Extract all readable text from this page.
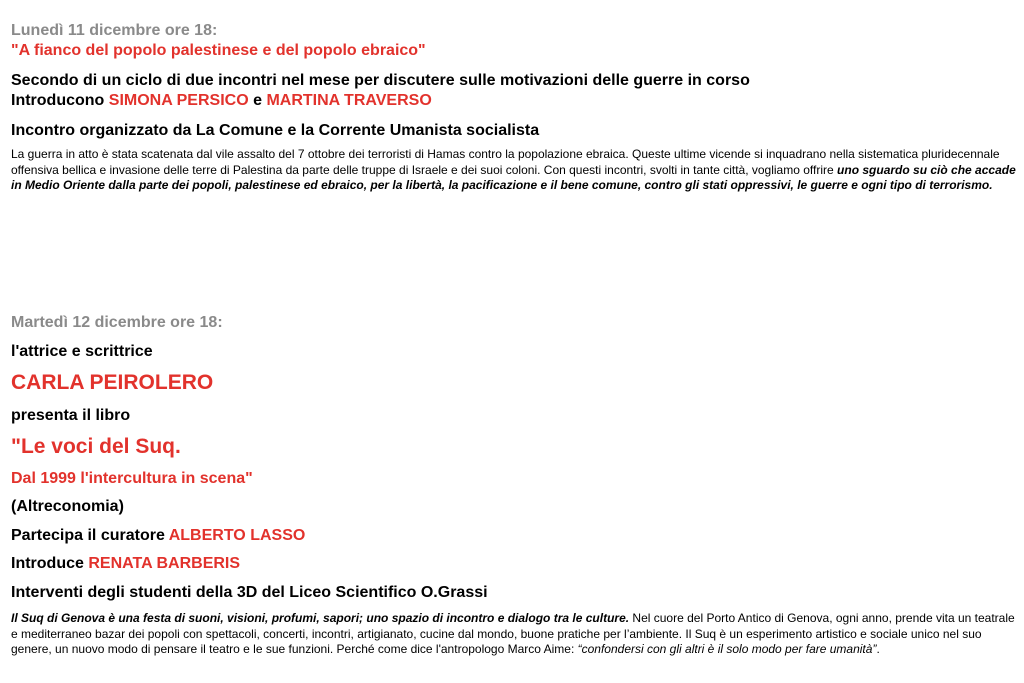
Lunedì 11 dicembre ore 18:
"A fianco del popolo palestinese e del popolo ebraico"
Secondo di un ciclo di due incontri nel mese per discutere sulle motivazioni delle guerre in corso
Introducono SIMONA PERSICO e MARTINA TRAVERSO
Incontro organizzato da La Comune e la Corrente Umanista socialista
La guerra in atto è stata scatenata dal vile assalto del 7 ottobre dei terroristi di Hamas contro la popolazione ebraica. Queste ultime vicende si inquadrano nella sistematica pluridecennale offensiva bellica e invasione delle terre di Palestina da parte delle truppe di Israele e dei suoi coloni. Con questi incontri, svolti in tante città, vogliamo offrire uno sguardo su ciò che accade in Medio Oriente dalla parte dei popoli, palestinese ed ebraico, per la libertà, la pacificazione e il bene comune, contro gli stati oppressivi, le guerre e ogni tipo di terrorismo.
Martedì 12 dicembre ore 18:
l'attrice e scrittrice
CARLA PEIROLERO
presenta il libro
"Le voci del Suq.
Dal 1999 l'intercultura in scena"
(Altreconomia)
Partecipa il curatore ALBERTO LASSO
Introduce RENATA BARBERIS
Interventi degli studenti della 3D del Liceo Scientifico O.Grassi
Il Suq di Genova è una festa di suoni, visioni, profumi, sapori; uno spazio di incontro e dialogo tra le culture. Nel cuore del Porto Antico di Genova, ogni anno, prende vita un teatrale e mediterraneo bazar dei popoli con spettacoli, concerti, incontri, artigianato, cucine dal mondo, buone pratiche per l’ambiente. Il Suq è un esperimento artistico e sociale unico nel suo genere, un nuovo modo di pensare il teatro e le sue funzioni. Perché come dice l'antropologo Marco Aime: “confondersi con gli altri è il solo modo per fare umanità”.
